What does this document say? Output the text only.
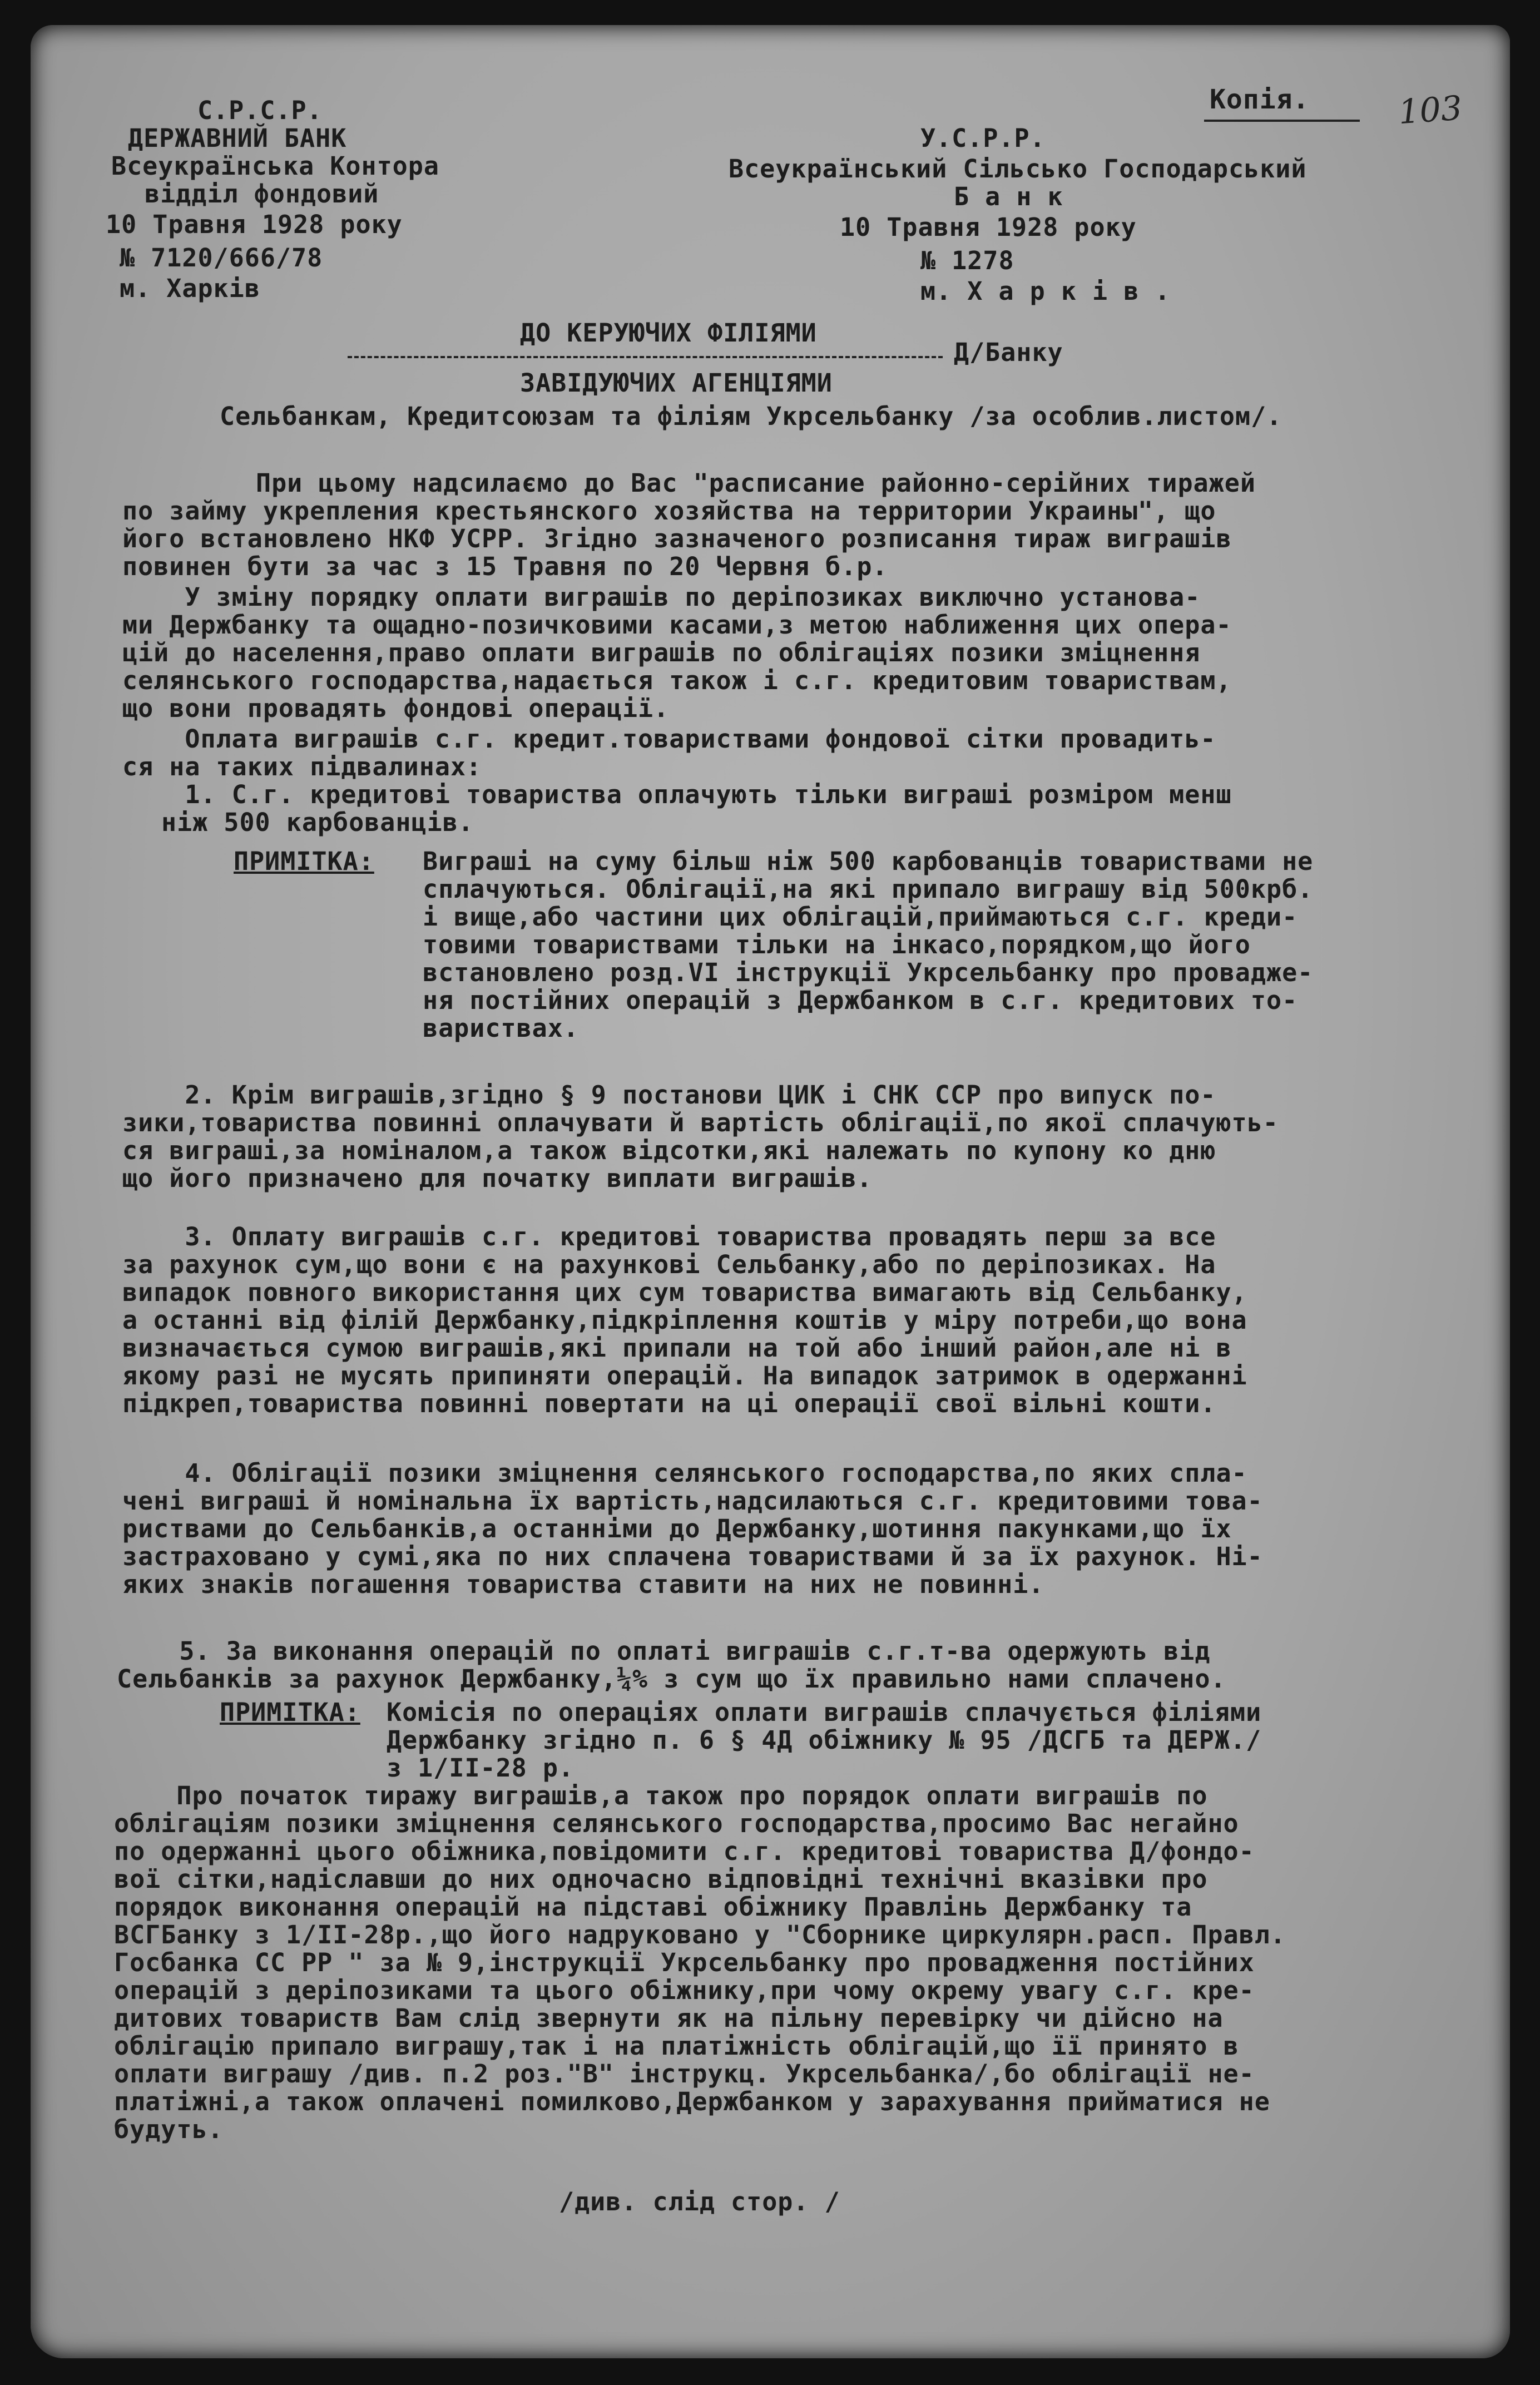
103
Копія.
С.Р.С.Р.
ДЕРЖАВНИЙ БАНК
Всеукраїнська Контора
відділ фондовий
10 Травня 1928 року
№ 7120/666/78
м. Харків
У.С.Р.Р.
Всеукраїнський Сільсько Господарський
Б а н к
10 Травня 1928 року
№ 1278
м. Х а р к і в .
ДО КЕРУЮЧИХ ФІЛІЯМИ
Д/Банку
ЗАВІДУЮЧИХ АГЕНЦІЯМИ
Сельбанкам, Кредитсоюзам та філіям Укрсельбанку /за особлив.листом/.
При цьому надсилаємо до Вас "расписание районно-серійних тиражей
по займу укрепления крестьянского хозяйства на территории Украины", що
його встановлено НКФ УСРР. Згідно зазначеного розписання тираж виграшів
повинен бути за час з 15 Травня по 20 Червня б.р.
У зміну порядку оплати виграшів по деріпозиках виключно установа-
ми Держбанку та ощадно-позичковими касами,з метою наближення цих опера-
цій до населення,право оплати виграшів по облігаціях позики зміцнення
селянського господарства,надається також і с.г. кредитовим товариствам,
що вони провадять фондові операції.
Оплата виграшів с.г. кредит.товариствами фондової сітки провадить-
ся на таких підвалинах:
1. С.г. кредитові товариства оплачують тільки виграші розміром менш
ніж 500 карбованців.
ПРИМІТКА: Виграші на суму більш ніж 500 карбованців товариствами не
сплачуються. Облігації,на які припало виграшу від 500крб.
і вище,або частини цих облігацій,приймаються с.г. креди-
товими товариствами тільки на інкасо,порядком,що його
встановлено розд.VI інструкції Укрсельбанку про провадже-
ня постійних операцій з Держбанком в с.г. кредитових то-
вариствах.
2. Крім виграшів,згідно § 9 постанови ЦИК і СНК ССР про випуск по-
зики,товариства повинні оплачувати й вартість облігації,по якої сплачують-
ся виграші,за номіналом,а також відсотки,які належать по купону ко дню
що його призначено для початку виплати виграшів.
3. Оплату виграшів с.г. кредитові товариства провадять перш за все
за рахунок сум,що вони є на рахункові Сельбанку,або по деріпозиках. На
випадок повного використання цих сум товариства вимагають від Сельбанку,
а останні від філій Держбанку,підкріплення коштів у міру потреби,що вона
визначається сумою виграшів,які припали на той або інший район,але ні в
якому разі не мусять припиняти операцій. На випадок затримок в одержанні
підкреп,товариства повинні повертати на ці операції свої вільні кошти.
4. Облігації позики зміцнення селянського господарства,по яких спла-
чені виграші й номінальна їх вартість,надсилаються с.г. кредитовими това-
риствами до Сельбанків,а останніми до Держбанку,шотиння пакунками,що їх
застраховано у сумі,яка по них сплачена товариствами й за їх рахунок. Ні-
яких знаків погашення товариства ставити на них не повинні.
5. За виконання операцій по оплаті виграшів с.г.т-ва одержують від
Сельбанків за рахунок Держбанку,¼% з сум що їх правильно нами сплачено.
ПРИМІТКА: Комісія по операціях оплати виграшів сплачується філіями
Держбанку згідно п. 6 § 4Д обіжнику № 95 /ДСГБ та ДЕРЖ./
з 1/II-28 р.
Про початок тиражу виграшів,а також про порядок оплати виграшів по
облігаціям позики зміцнення селянського господарства,просимо Вас негайно
по одержанні цього обіжника,повідомити с.г. кредитові товариства Д/фондо-
вої сітки,надіславши до них одночасно відповідні технічні вказівки про
порядок виконання операцій на підставі обіжнику Правлінь Держбанку та
ВСГБанку з 1/II-28р.,що його надруковано у "Сборнике циркулярн.расп. Правл.
Госбанка СС РР " за № 9,інструкції Укрсельбанку про провадження постійних
операцій з деріпозиками та цього обіжнику,при чому окрему увагу с.г. кре-
дитових товариств Вам слід звернути як на пільну перевірку чи дійсно на
облігацію припало виграшу,так і на платіжність облігацій,що її принято в
оплати виграшу /див. п.2 роз."В" інструкц. Укрсельбанка/,бо облігації не-
платіжні,а також оплачені помилково,Держбанком у зарахування прийматися не
будуть.
/див. слід стор. /
